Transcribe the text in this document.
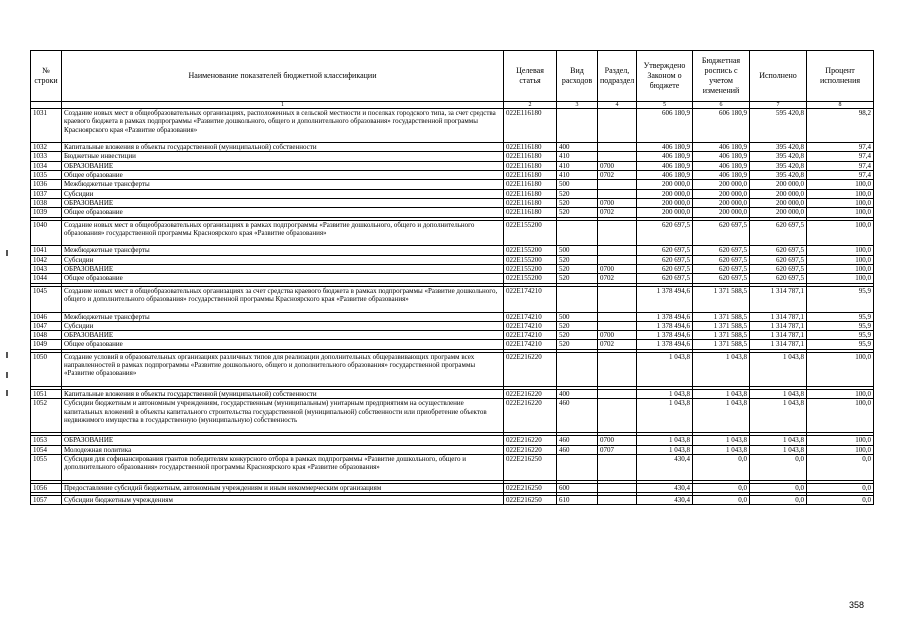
№ строки	Наименование показателей бюджетной классификации	Целевая статья	Вид расходов	Раздел, подраздел	Утверждено Законом о бюджете	Бюджетная роспись с учетом изменений	Исполнено	Процент исполнения
	1	2	3	4	5	6	7	8
1031	Создание новых мест в общеобразовательных организациях, расположенных в сельской местности и поселках городского типа, за счет средства краевого бюджета в рамках подпрограммы «Развитие дошкольного, общего и дополнительного образования» государственной программы Красноярского края «Развитие образования»	022Е116180			606 180,9	606 180,9	595 420,8	98,2
1032	Капитальные вложения в объекты государственной (муниципальной) собственности	022Е116180	400		406 180,9	406 180,9	395 420,8	97,4
1033	Бюджетные инвестиции	022Е116180	410		406 180,9	406 180,9	395 420,8	97,4
1034	ОБРАЗОВАНИЕ	022Е116180	410	0700	406 180,9	406 180,9	395 420,8	97,4
1035	Общее образование	022Е116180	410	0702	406 180,9	406 180,9	395 420,8	97,4
1036	Межбюджетные трансферты	022Е116180	500		200 000,0	200 000,0	200 000,0	100,0
1037	Субсидии	022Е116180	520		200 000,0	200 000,0	200 000,0	100,0
1038	ОБРАЗОВАНИЕ	022Е116180	520	0700	200 000,0	200 000,0	200 000,0	100,0
1039	Общее образование	022Е116180	520	0702	200 000,0	200 000,0	200 000,0	100,0

1040	Создание новых мест в общеобразовательных организациях в рамках подпрограммы «Развитие дошкольного, общего и дополнительного образования» государственной программы Красноярского края «Развитие образования»	022Е155200			620 697,5	620 697,5	620 697,5	100,0
1041	Межбюджетные трансферты	022Е155200	500		620 697,5	620 697,5	620 697,5	100,0
1042	Субсидии	022Е155200	520		620 697,5	620 697,5	620 697,5	100,0
1043	ОБРАЗОВАНИЕ	022Е155200	520	0700	620 697,5	620 697,5	620 697,5	100,0
1044	Общее образование	022Е155200	520	0702	620 697,5	620 697,5	620 697,5	100,0

1045	Создание новых мест в общеобразовательных организациях за счет средства краевого бюджета в рамках подпрограммы «Развитие дошкольного, общего и дополнительного образования» государственной программы Красноярского края «Развитие образования»	022Е174210			1 378 494,6	1 371 588,5	1 314 787,1	95,9
1046	Межбюджетные трансферты	022Е174210	500		1 378 494,6	1 371 588,5	1 314 787,1	95,9
1047	Субсидии	022Е174210	520		1 378 494,6	1 371 588,5	1 314 787,1	95,9
1048	ОБРАЗОВАНИЕ	022Е174210	520	0700	1 378 494,6	1 371 588,5	1 314 787,1	95,9
1049	Общее образование	022Е174210	520	0702	1 378 494,6	1 371 588,5	1 314 787,1	95,9

1050	Создание условий в образовательных организациях различных типов для реализации дополнительных общеразвивающих программ всех направленностей в рамках подпрограммы «Развитие дошкольного, общего и дополнительного образования» государственной программы «Развитие образования»	022Е216220			1 043,8	1 043,8	1 043,8	100,0

1051	Капитальные вложения в объекты государственной (муниципальной) собственности	022Е216220	400		1 043,8	1 043,8	1 043,8	100,0
1052	Субсидии бюджетным и автономным учреждениям, государственным (муниципальным) унитарным предприятиям на осуществление капитальных вложений в объекты капитального строительства государственной (муниципальной) собственности или приобретение объектов недвижимого имущества в государственную (муниципальную) собственность	022Е216220	460		1 043,8	1 043,8	1 043,8	100,0

1053	ОБРАЗОВАНИЕ	022Е216220	460	0700	1 043,8	1 043,8	1 043,8	100,0
1054	Молодежная политика	022Е216220	460	0707	1 043,8	1 043,8	1 043,8	100,0
1055	Субсидия для софинансирования грантов победителям конкурсного отбора в рамках подпрограммы «Развитие дошкольного, общего и дополнительного образования» государственной программы Красноярского края «Развитие образования»	022Е216250			430,4	0,0	0,0	0,0

1056	Предоставление субсидий бюджетным, автономным учреждениям и иным некоммерческим организациям	022Е216250	600		430,4	0,0	0,0	0,0

1057	Субсидии бюджетным учреждениям	022Е216250	610		430,4	0,0	0,0	0,0
358
